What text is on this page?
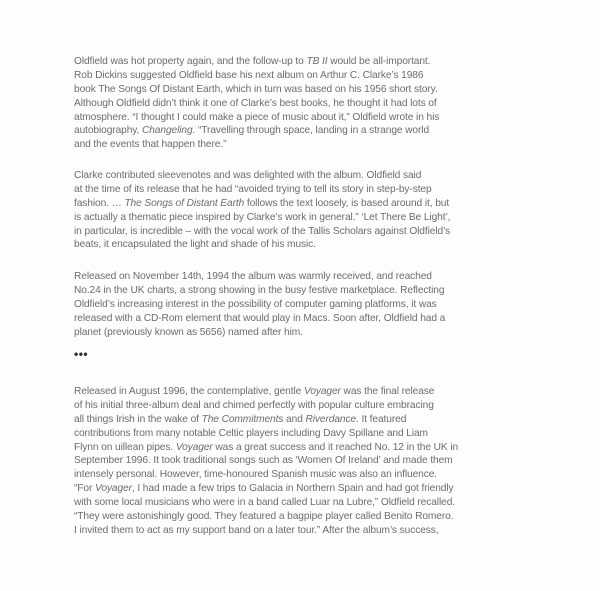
Oldfield was hot property again, and the follow-up to TB II would be all-important.
Rob Dickins suggested Oldfield base his next album on Arthur C. Clarke’s 1986
book The Songs Of Distant Earth, which in turn was based on his 1956 short story.
Although Oldfield didn’t think it one of Clarke’s best books, he thought it had lots of
atmosphere. “I thought I could make a piece of music about it,” Oldfield wrote in his
autobiography, Changeling. “Travelling through space, landing in a strange world
and the events that happen there.”
Clarke contributed sleevenotes and was delighted with the album. Oldfield said
at the time of its release that he had “avoided trying to tell its story in step-by-step
fashion. … The Songs of Distant Earth follows the text loosely, is based around it, but
is actually a thematic piece inspired by Clarke’s work in general.” ‘Let There Be Light’,
in particular, is incredible – with the vocal work of the Tallis Scholars against Oldfield’s
beats, it encapsulated the light and shade of his music.
Released on November 14th, 1994 the album was warmly received, and reached
No.24 in the UK charts, a strong showing in the busy festive marketplace. Reflecting
Oldfield’s increasing interest in the possibility of computer gaming platforms, it was
released with a CD-Rom element that would play in Macs. Soon after, Oldfield had a
planet (previously known as 5656) named after him.
•••
Released in August 1996, the contemplative, gentle Voyager was the final release
of his initial three-album deal and chimed perfectly with popular culture embracing
all things Irish in the wake of The Commitments and Riverdance. It featured
contributions from many notable Celtic players including Davy Spillane and Liam
Flynn on uillean pipes. Voyager was a great success and it reached No. 12 in the UK in
September 1996. It took traditional songs such as ‘Women Of Ireland’ and made them
intensely personal. However, time-honoured Spanish music was also an influence.
“For Voyager, I had made a few trips to Galacia in Northern Spain and had got friendly
with some local musicians who were in a band called Luar na Lubre,” Oldfield recalled.
“They were astonishingly good. They featured a bagpipe player called Benito Romero.
I invited them to act as my support band on a later tour.” After the album’s success,
